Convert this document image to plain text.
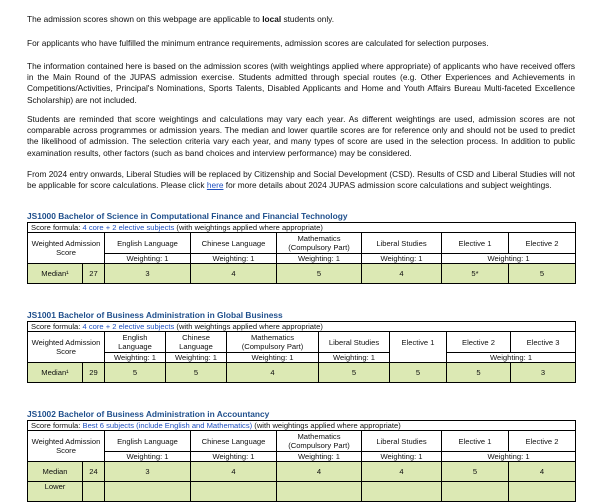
The admission scores shown on this webpage are applicable to local students only.

For applicants who have fulfilled the minimum entrance requirements, admission scores are calculated for selection purposes.

The information contained here is based on the admission scores (with weightings applied where appropriate) of applicants who have received offers in the Main Round of the JUPAS admission exercise. Students admitted through special routes (e.g. Other Experiences and Achievements in Competitions/Activities, Principal's Nominations, Sports Talents, Disabled Applicants and Home and Youth Affairs Bureau Multi-faceted Excellence Scholarship) are not included.

Students are reminded that score weightings and calculations may vary each year. As different weightings are used, admission scores are not comparable across programmes or admission years. The median and lower quartile scores are for reference only and should not be used to predict the likelihood of admission. The selection criteria vary each year, and many types of score are used in the selection process. In addition to public examination results, other factors (such as band choices and interview performance) may be considered.

From 2024 entry onwards, Liberal Studies will be replaced by Citizenship and Social Development (CSD). Results of CSD and Liberal Studies will not be applicable for score calculations. Please click here for more details about 2024 JUPAS admission score calculations and subject weightings.

JS1000 Bachelor of Science in Computational Finance and Financial Technology
Score formula: 4 core + 2 elective subjects (with weightings applied where appropriate)							
Weighted Admission Score		English Language	Chinese Language	Mathematics (Compulsory Part)	Liberal Studies	Elective 1	Elective 2
		Weighting: 1	Weighting: 1	Weighting: 1	Weighting: 1	Weighting: 1	
Median¹	27	3	4	5	4	5*	5
JS1001 Bachelor of Business Administration in Global Business
Score formula: 4 core + 2 elective subjects (with weightings applied where appropriate)								
Weighted Admission Score		English Language	Chinese Language	Mathematics (Compulsory Part)	Liberal Studies	Elective 1	Elective 2	Elective 3
		Weighting: 1	Weighting: 1	Weighting: 1	Weighting: 1		Weighting: 1	
Median¹	29	5	5	4	5	5	5	3
JS1002 Bachelor of Business Administration in Accountancy
Score formula: Best 6 subjects (include English and Mathematics) (with weightings applied where appropriate)							
Weighted Admission Score		English Language	Chinese Language	Mathematics (Compulsory Part)	Liberal Studies	Elective 1	Elective 2
		Weighting: 1	Weighting: 1	Weighting: 1	Weighting: 1	Weighting: 1	
Median	24	3	4	4	4	5	4
Lower							
